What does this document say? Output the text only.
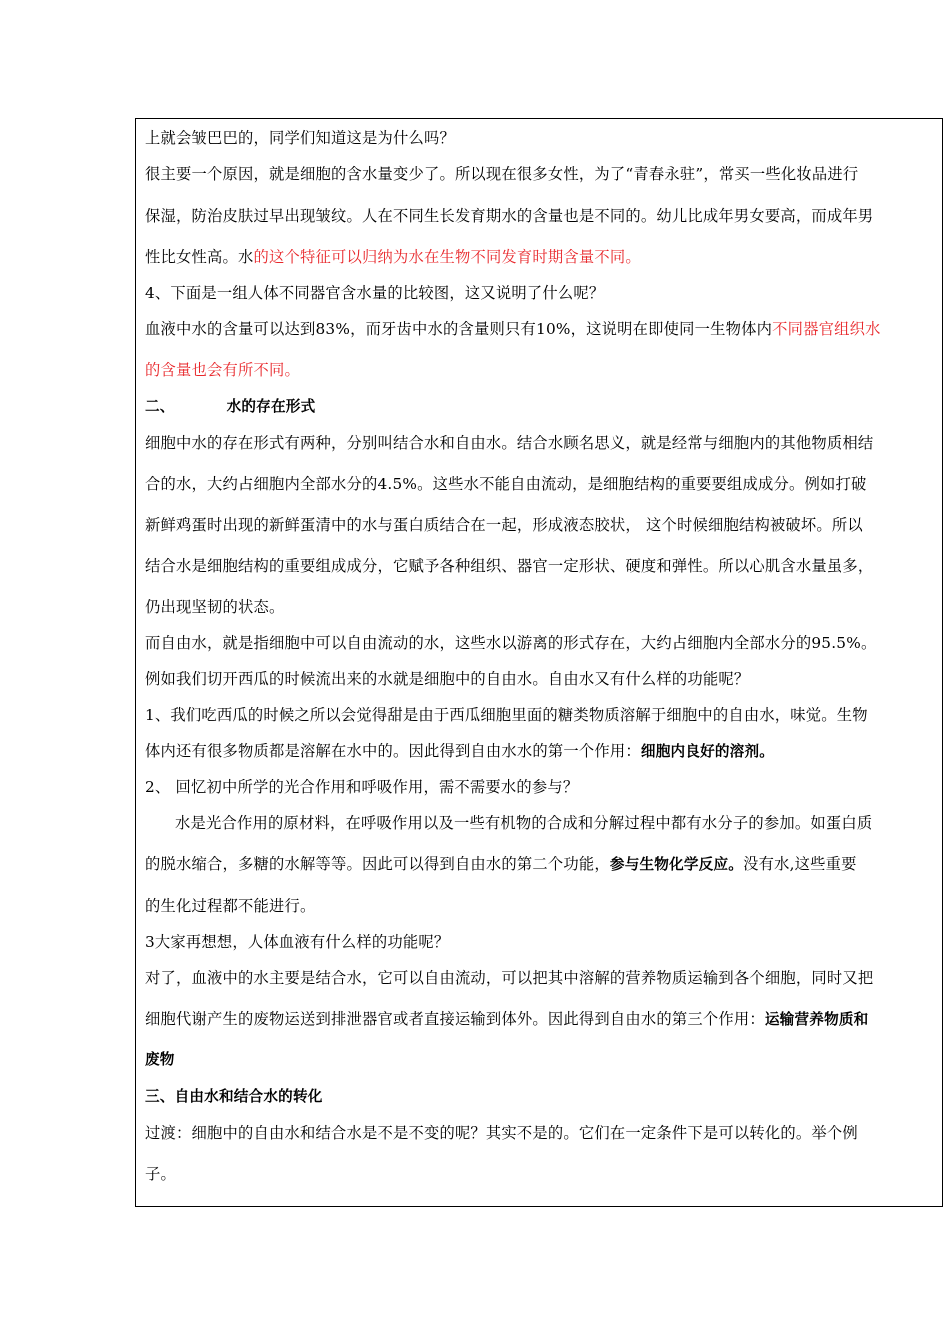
上就会皱巴巴的，同学们知道这是为什么吗？
很主要一个原因，就是细胞的含水量变少了。所以现在很多女性，为了“青春永驻”，常买一些化妆品进行
保湿，防治皮肤过早出现皱纹。人在不同生长发育期水的含量也是不同的。幼儿比成年男女要高，而成年男
性比女性高。水的这个特征可以归纳为水在生物不同发育时期含量不同。
4、下面是一组人体不同器官含水量的比较图，这又说明了什么呢？
血液中水的含量可以达到83%，而牙齿中水的含量则只有10%，这说明在即使同一生物体内不同器官组织水
的含量也会有所不同。
二、	水的存在形式
细胞中水的存在形式有两种，分别叫结合水和自由水。结合水顾名思义，就是经常与细胞内的其他物质相结
合的水，大约占细胞内全部水分的4.5%。这些水不能自由流动，是细胞结构的重要要组成成分。例如打破
新鲜鸡蛋时出现的新鲜蛋清中的水与蛋白质结合在一起，形成液态胶状， 这个时候细胞结构被破坏。所以
结合水是细胞结构的重要组成成分，它赋予各种组织、器官一定形状、硬度和弹性。所以心肌含水量虽多，
仍出现坚韧的状态。
而自由水，就是指细胞中可以自由流动的水，这些水以游离的形式存在，大约占细胞内全部水分的95.5%。
例如我们切开西瓜的时候流出来的水就是细胞中的自由水。自由水又有什么样的功能呢？
1、我们吃西瓜的时候之所以会觉得甜是由于西瓜细胞里面的糖类物质溶解于细胞中的自由水，味觉。生物
体内还有很多物质都是溶解在水中的。因此得到自由水水的第一个作用：细胞内良好的溶剂。
2、 回忆初中所学的光合作用和呼吸作用，需不需要水的参与？
水是光合作用的原材料，在呼吸作用以及一些有机物的合成和分解过程中都有水分子的参加。如蛋白质
的脱水缩合，多糖的水解等等。因此可以得到自由水的第二个功能，参与生物化学反应。没有水,这些重要
的生化过程都不能进行。
3大家再想想，人体血液有什么样的功能呢？
对了，血液中的水主要是结合水，它可以自由流动，可以把其中溶解的营养物质运输到各个细胞，同时又把
细胞代谢产生的废物运送到排泄器官或者直接运输到体外。因此得到自由水的第三个作用：运输营养物质和
废物
三、自由水和结合水的转化
过渡：细胞中的自由水和结合水是不是不变的呢？其实不是的。它们在一定条件下是可以转化的。举个例
子。
